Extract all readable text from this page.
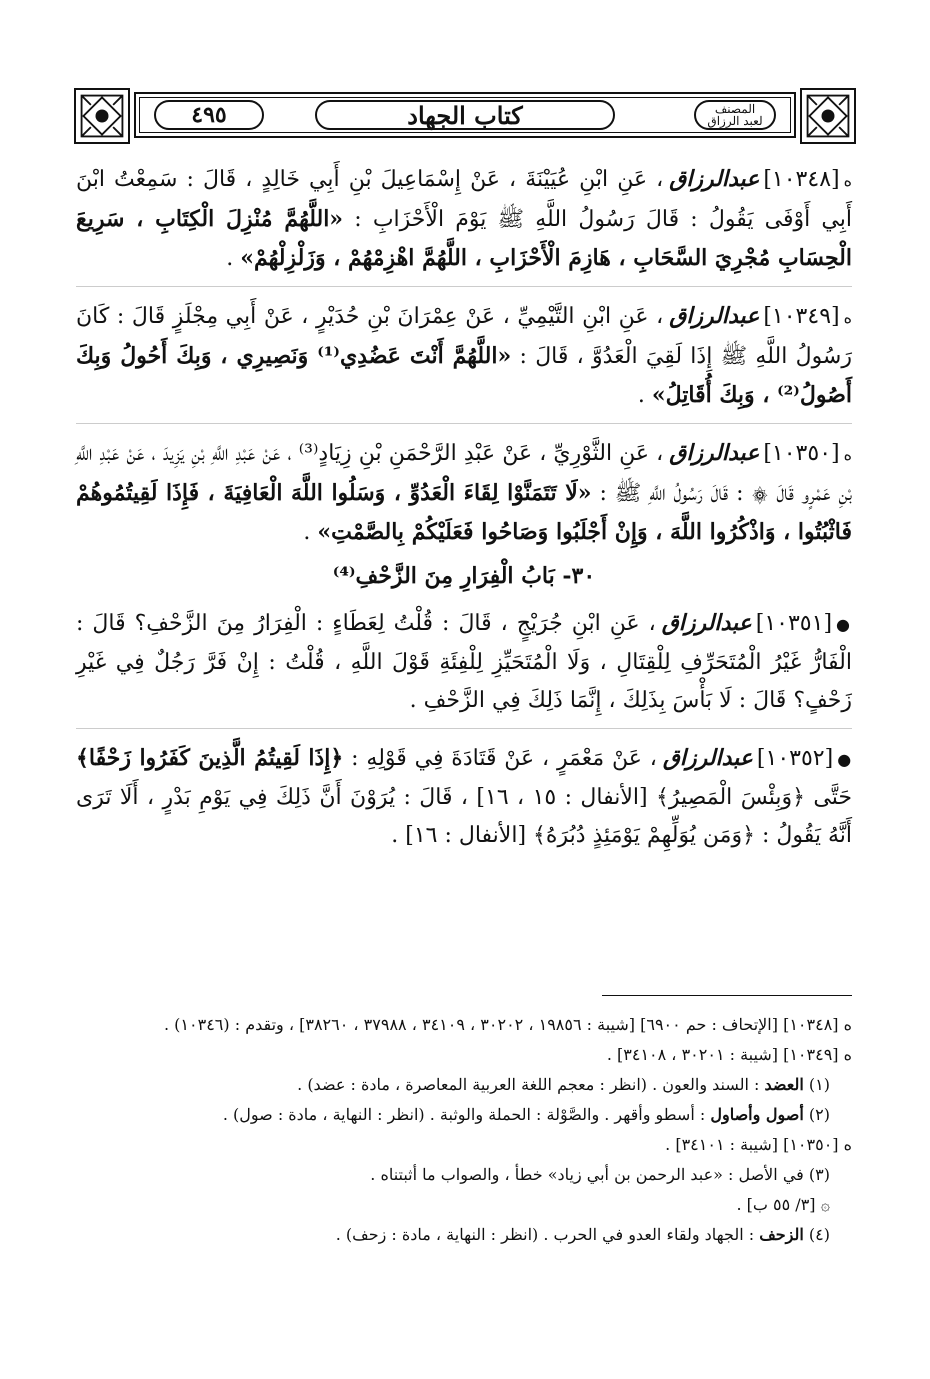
المصنف
لعبد الرزاق
كتاب الجهاد
٤٩٥

ه[١٠٣٤٨]عبدالرزاق، عَنِ ابْنِ عُيَيْنَةَ ، عَنْ إِسْمَاعِيلَ بْنِ أَبِي خَالِدٍ ، قَالَ : سَمِعْتُ ابْنَ أَبِي أَوْفَى يَقُولُ : قَالَ رَسُولُ اللَّهِ ﷺ يَوْمَ الْأَحْزَابِ : «اللَّهُمَّ مُنْزِلَ الْكِتَابِ ، سَرِيعَ الْحِسَابِ مُجْرِيَ السَّحَابِ ، هَازِمَ الْأَحْزَابِ ، اللَّهُمَّ اهْزِمْهُمْ ، وَزَلْزِلْهُمْ» .

ه[١٠٣٤٩]عبدالرزاق، عَنِ ابْنِ التَّيْمِيِّ ، عَنْ عِمْرَانَ بْنِ حُدَيْرٍ ، عَنْ أَبِي مِجْلَزٍ قَالَ : كَانَ رَسُولُ اللَّهِ ﷺ إِذَا لَقِيَ الْعَدُوَّ ، قَالَ : «اللَّهُمَّ أَنْتَ عَضُدِي⁽¹⁾ وَنَصِيرِي ، وَبِكَ أَحُولُ وَبِكَ أَصُولُ⁽²⁾ ، وَبِكَ أُقَاتِلُ» .

ه[١٠٣٥٠]عبدالرزاق، عَنِ الثَّوْرِيِّ ، عَنْ عَبْدِ الرَّحْمَنِ بْنِ زِيَادٍ⁽³⁾ ، عَنْ عَبْدِ اللَّهِ بْنِ يَزِيدَ ، عَنْ عَبْدِ اللَّهِ بْنِ عَمْرٍو قَالَ ۞ : قَالَ رَسُولُ اللَّهِ ﷺ : «لَا تَتَمَنَّوْا لِقَاءَ الْعَدُوِّ ، وَسَلُوا اللَّهَ الْعَافِيَةَ ، فَإِذَا لَقِيتُمُوهُمْ فَاثْبُتُوا ، وَاذْكُرُوا اللَّهَ ، وَإِنْ أَجْلَبُوا وَصَاحُوا فَعَلَيْكُمْ بِالصَّمْتِ» .

٣٠- بَابُ الْفِرَارِ مِنَ الزَّحْفِ⁽⁴⁾

●[١٠٣٥١]عبدالرزاق، عَنِ ابْنِ جُرَيْجٍ ، قَالَ : قُلْتُ لِعَطَاءٍ : الْفِرَارُ مِنَ الزَّحْفِ؟ قَالَ : الْفَارُّ غَيْرُ الْمُتَحَرِّفِ لِلْقِتَالِ ، وَلَا الْمُتَحَيِّزِ لِلْفِئَةِ قَوْلَ اللَّهِ ، قُلْتُ : إِنْ فَرَّ رَجُلٌ فِي غَيْرِ زَحْفٍ؟ قَالَ : لَا بَأْسَ بِذَلِكَ ، إِنَّمَا ذَلِكَ فِي الزَّحْفِ .

●[١٠٣٥٢]عبدالرزاق، عَنْ مَعْمَرٍ ، عَنْ قَتَادَةَ فِي قَوْلِهِ : ﴿إِذَا لَقِيتُمُ الَّذِينَ كَفَرُوا زَحْفًا﴾ حَتَّى ﴿وَبِئْسَ الْمَصِيرُ﴾ [الأنفال : ١٥ ، ١٦] ، قَالَ : يُرَوْنَ أَنَّ ذَلِكَ فِي يَوْمِ بَدْرٍ ، أَلَا تَرَى أَنَّهُ يَقُولُ : ﴿وَمَن يُوَلِّهِمْ يَوْمَئِذٍ دُبُرَهُ﴾ [الأنفال : ١٦] .

ه [١٠٣٤٨] [الإتحاف : حم ٦٩٠٠] [شيبة : ١٩٨٥٦ ، ٣٠٢٠٢ ، ٣٤١٠٩ ، ٣٧٩٨٨ ، ٣٨٢٦٠] ، وتقدم : (١٠٣٤٦) .

ه [١٠٣٤٩] [شيبة : ٣٠٢٠١ ، ٣٤١٠٨] .

(١) العضد : السند والعون . (انظر : معجم اللغة العربية المعاصرة ، مادة : عضد) .

(٢) أصول وأصاول : أسطو وأقهر . والصَّوْلة : الحملة والوثبة . (انظر : النهاية ، مادة : صول) .

ه [١٠٣٥٠] [شيبة : ٣٤١٠١] .

(٣) في الأصل : «عبد الرحمن بن أبي زياد» خطأ ، والصواب ما أثبتناه .

۞ [٣/ ٥٥ ب] .

(٤) الزحف : الجهاد ولقاء العدو في الحرب . (انظر : النهاية ، مادة : زحف) .
